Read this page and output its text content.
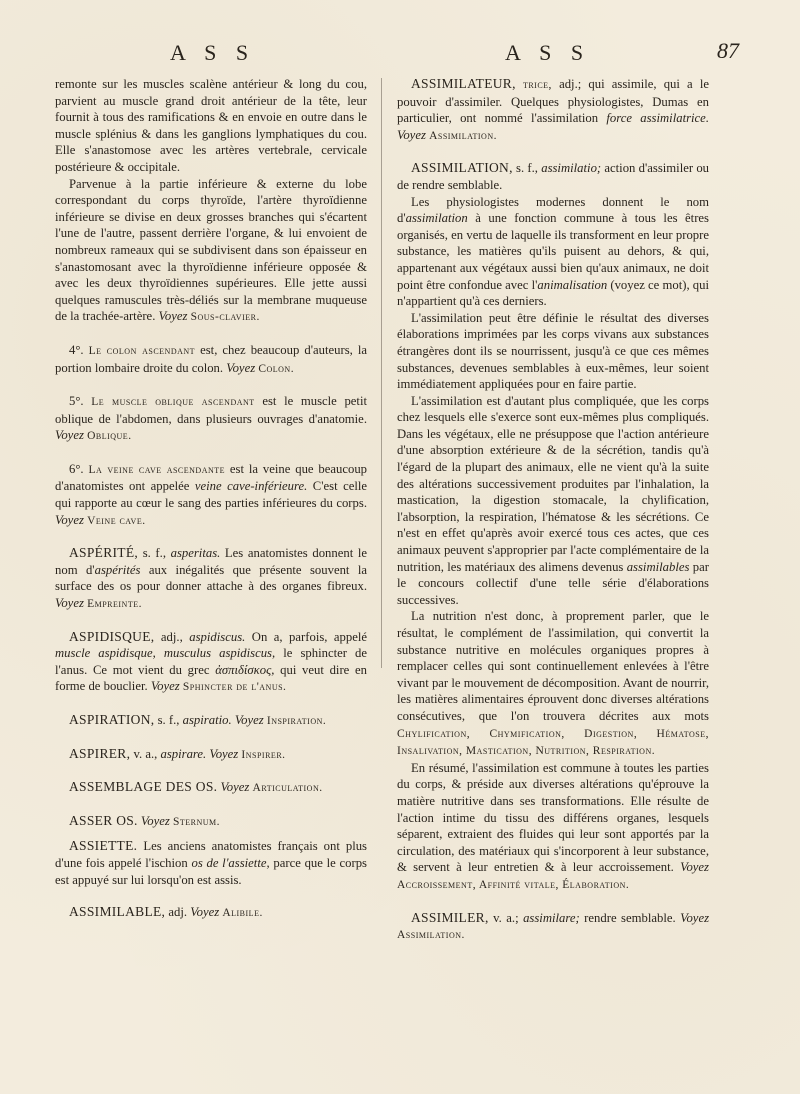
A S S	A S S	87

remonte sur les muscles scalène antérieur & long du cou, parvient au muscle grand droit antérieur de la tête, leur fournit à tous des ramifications & en envoie en outre dans le muscle splénius & dans les ganglions lymphatiques du cou. Elle s'anastomose avec les artères vertebrale, cervicale postérieure & occipitale.

Parvenue à la partie inférieure & externe du lobe correspondant du corps thyroïde, l'artère thyroïdienne inférieure se divise en deux grosses branches qui s'écartent l'une de l'autre, passent derrière l'organe, & lui envoient de nombreux rameaux qui se subdivisent dans son épaisseur en s'anastomosant avec la thyroïdienne inférieure opposée & avec les deux thyroïdiennes supérieures. Elle jette aussi quelques ramuscules très-déliés sur la membrane muqueuse de la trachée-artère. Voyez Sous-clavier.

4°. Le colon ascendant est, chez beaucoup d'auteurs, la portion lombaire droite du colon. Voyez Colon.

5°. Le muscle oblique ascendant est le muscle petit oblique de l'abdomen, dans plusieurs ouvrages d'anatomie. Voyez Oblique.

6°. La veine cave ascendante est la veine que beaucoup d'anatomistes ont appelée veine cave-inférieure. C'est celle qui rapporte au cœur le sang des parties inférieures du corps. Voyez Veine cave.

ASPÉRITÉ, s. f., asperitas. Les anatomistes donnent le nom d'aspérités aux inégalités que présente souvent la surface des os pour donner attache à des organes fibreux. Voyez Empreinte.

ASPIDISQUE, adj., aspidiscus. On a, parfois, appelé muscle aspidisque, musculus aspidiscus, le sphincter de l'anus. Ce mot vient du grec ἀσπιδίσκος, qui veut dire en forme de bouclier. Voyez Sphincter de l'anus.

ASPIRATION, s. f., aspiratio. Voyez Inspiration.

ASPIRER, v. a., aspirare. Voyez Inspirer.

ASSEMBLAGE DES OS. Voyez Articulation.

ASSER OS. Voyez Sternum.

ASSIETTE. Les anciens anatomistes français ont plus d'une fois appelé l'ischion os de l'assiette, parce que le corps est appuyé sur lui lorsqu'on est assis.

ASSIMILABLE, adj. Voyez Alibile.

ASSIMILATEUR, trice, adj.; qui assimile, qui a le pouvoir d'assimiler. Quelques physiologistes, Dumas en particulier, ont nommé l'assimilation force assimilatrice. Voyez Assimilation.

ASSIMILATION, s. f., assimilatio; action d'assimiler ou de rendre semblable.

Les physiologistes modernes donnent le nom d'assimilation à une fonction commune à tous les êtres organisés, en vertu de laquelle ils transforment en leur propre substance, les matières qu'ils puisent au dehors, & qui, appartenant aux végétaux aussi bien qu'aux animaux, ne doit point être confondue avec l'animalisation (voyez ce mot), qui n'appartient qu'à ces derniers.

L'assimilation peut être définie le résultat des diverses élaborations imprimées par les corps vivans aux substances étrangères dont ils se nourrissent, jusqu'à ce que ces mêmes substances, devenues semblables à eux-mêmes, leur soient immédiatement appliquées pour en faire partie.

L'assimilation est d'autant plus compliquée, que les corps chez lesquels elle s'exerce sont eux-mêmes plus compliqués. Dans les végétaux, elle ne présuppose que l'action antérieure d'une absorption extérieure & de la sécrétion, tandis qu'à l'égard de la plupart des animaux, elle ne vient qu'à la suite des altérations successivement produites par l'inhalation, la mastication, la digestion stomacale, la chylification, l'absorption, la respiration, l'hématose & les sécrétions. Ce n'est en effet qu'après avoir exercé tous ces actes, que ces animaux peuvent s'approprier par l'acte complémentaire de la nutrition, les matériaux des alimens devenus assimilables par le concours collectif d'une telle série d'élaborations successives.

La nutrition n'est donc, à proprement parler, que le résultat, le complément de l'assimilation, qui convertit la substance nutritive en molécules organiques propres à remplacer celles qui sont continuellement enlevées à l'être vivant par le mouvement de décomposition. Avant de nourrir, les matières alimentaires éprouvent donc diverses altérations consécutives, que l'on trouvera décrites aux mots Chylification, Chymification, Digestion, Hématose, Insalivation, Mastication, Nutrition, Respiration.

En résumé, l'assimilation est commune à toutes les parties du corps, & préside aux diverses altérations qu'éprouve la matière nutritive dans ses transformations. Elle résulte de l'action intime du tissu des différens organes, lesquels séparent, extraient des fluides qui leur sont apportés par la circulation, des matériaux qui s'incorporent à leur substance, & servent à leur entretien & à leur accroissement. Voyez Accroissement, Affinité vitale, Élaboration.

ASSIMILER, v. a.; assimilare; rendre semblable. Voyez Assimilation.
